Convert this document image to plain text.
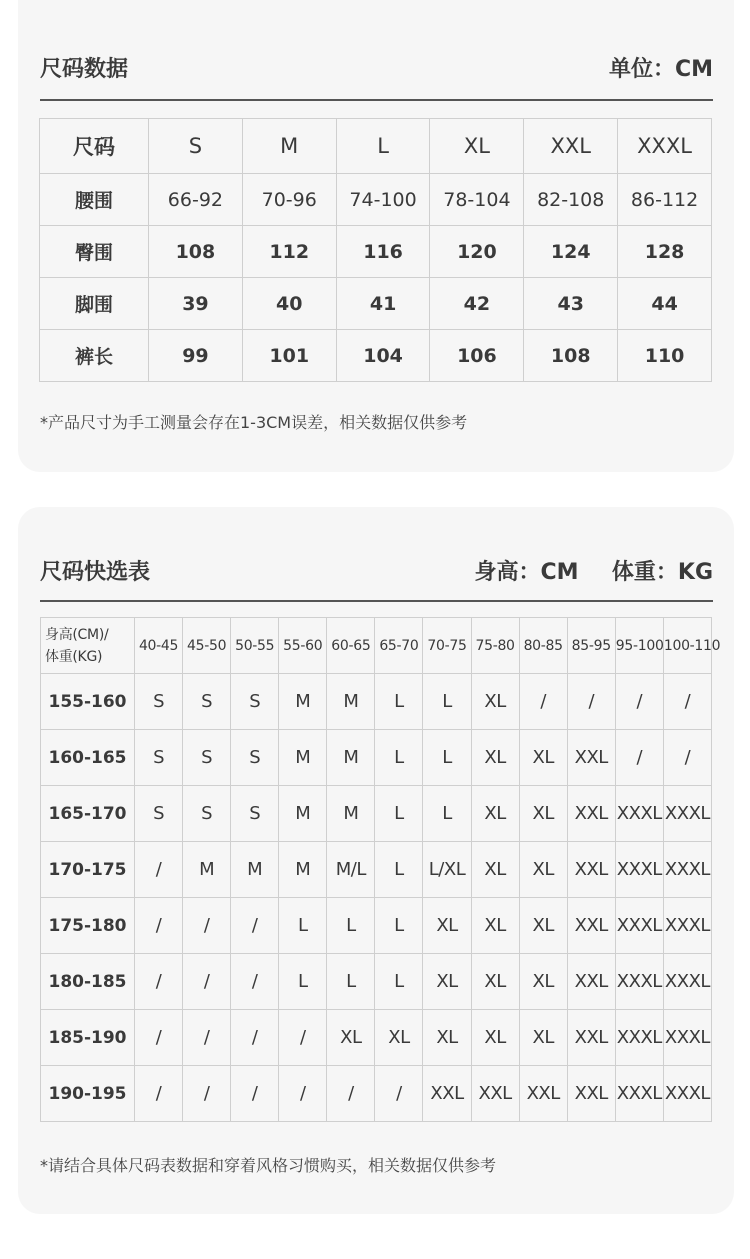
尺码数据	单位：CM
尺码	S	M	L	XL	XXL	XXXL
腰围	66-92	70-96	74-100	78-104	82-108	86-112
臀围	108	112	116	120	124	128
脚围	39	40	41	42	43	44
裤长	99	101	104	106	108	110
*产品尺寸为手工测量会存在1-3CM误差，相关数据仅供参考
尺码快选表	身高：CM 体重：KG
身高(CM)/
体重(KG)	40-45	45-50	50-55	55-60	60-65	65-70	70-75	75-80	80-85	85-95	95-100	100-110
155-160	S	S	S	M	M	L	L	XL	/	/	/	/
160-165	S	S	S	M	M	L	L	XL	XL	XXL	/	/
165-170	S	S	S	M	M	L	L	XL	XL	XXL	XXXL	XXXL
170-175	/	M	M	M	M/L	L	L/XL	XL	XL	XXL	XXXL	XXXL
175-180	/	/	/	L	L	L	XL	XL	XL	XXL	XXXL	XXXL
180-185	/	/	/	L	L	L	XL	XL	XL	XXL	XXXL	XXXL
185-190	/	/	/	/	XL	XL	XL	XL	XL	XXL	XXXL	XXXL
190-195	/	/	/	/	/	/	XXL	XXL	XXL	XXL	XXXL	XXXL
*请结合具体尺码表数据和穿着风格习惯购买，相关数据仅供参考
